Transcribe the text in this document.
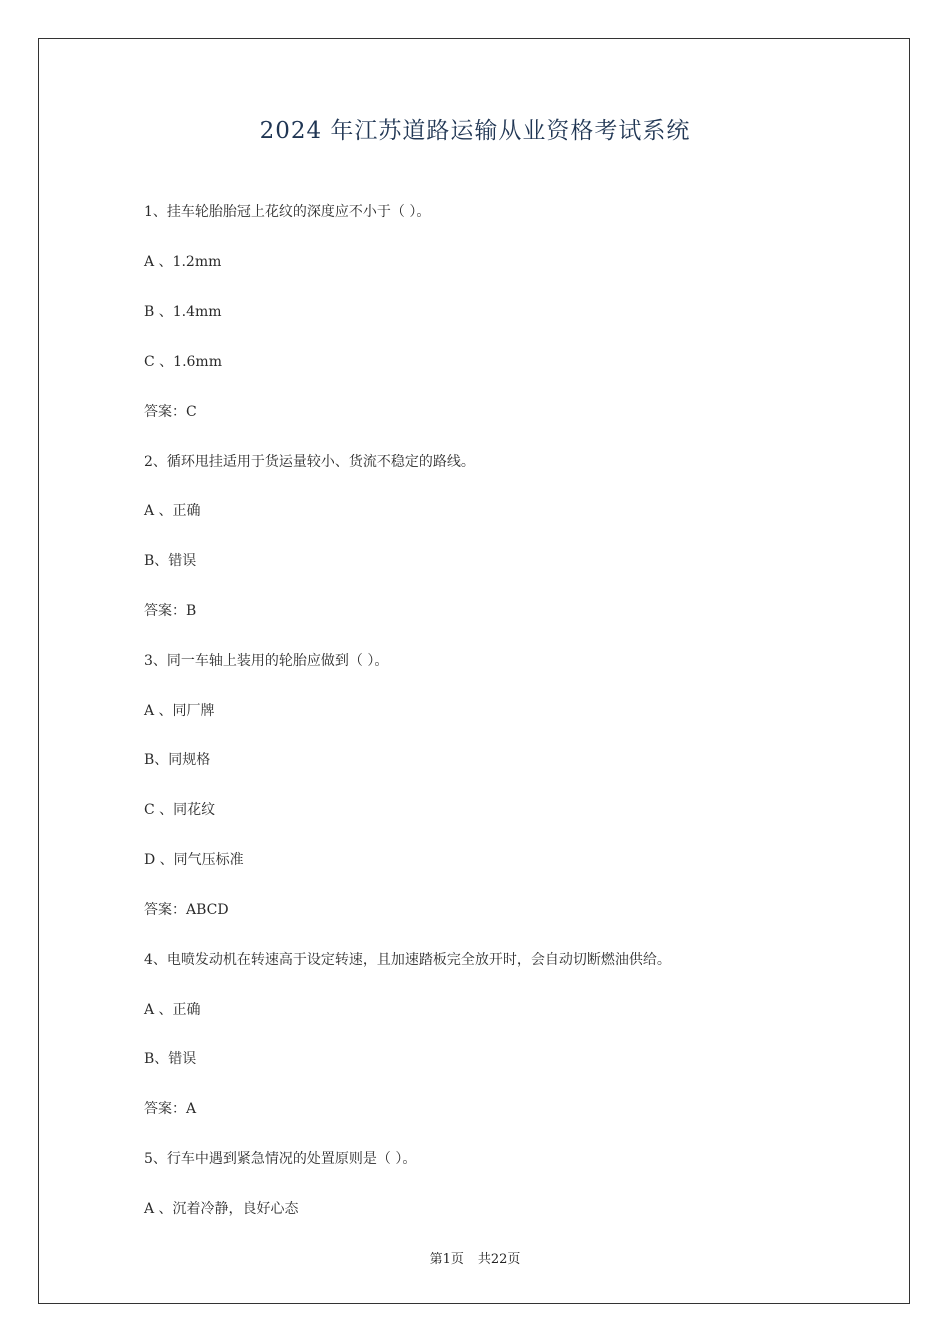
2024 年江苏道路运输从业资格考试系统
1、挂车轮胎胎冠上花纹的深度应不小于（ ）。
A 、1.2mm
B 、1.4mm
C 、1.6mm
答案：C
2、循环甩挂适用于货运量较小、货流不稳定的路线。
A 、正确
B、错误
答案：B
3、同一车轴上装用的轮胎应做到（ ）。
A 、同厂牌
B、同规格
C 、同花纹
D 、同气压标准
答案：ABCD
4、电喷发动机在转速高于设定转速，且加速踏板完全放开时，会自动切断燃油供给。
A 、正确
B、错误
答案：A
5、行车中遇到紧急情况的处置原则是（ ）。
A 、沉着冷静，良好心态
第1页 共22页
